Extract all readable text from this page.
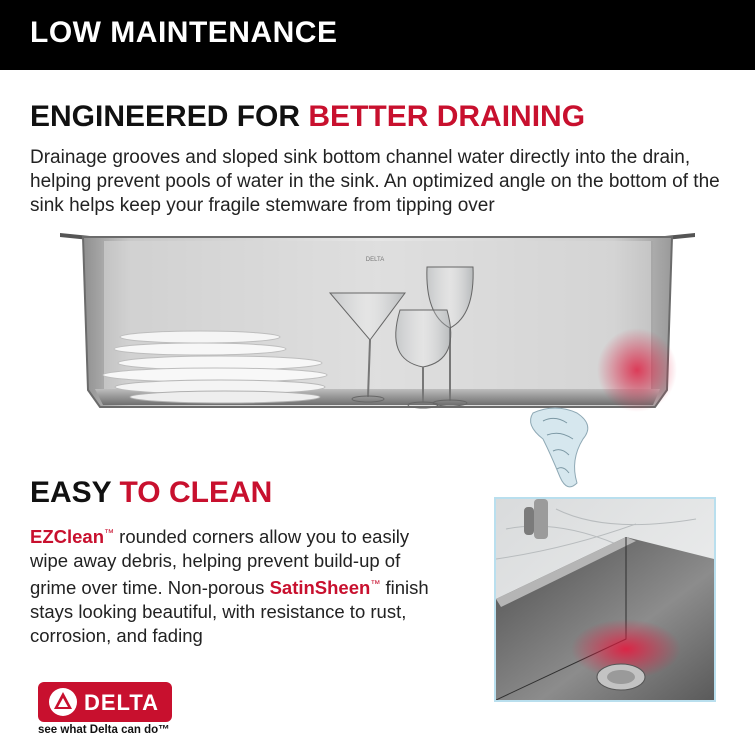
LOW MAINTENANCE
ENGINEERED FOR BETTER DRAINING
Drainage grooves and sloped sink bottom channel water directly into the drain, helping prevent pools of water in the sink. An optimized angle on the bottom of the sink helps keep your fragile stemware from tipping over
DELTA
EASY TO CLEAN
EZClean™ rounded corners allow you to easily wipe away debris, helping prevent build-up of grime over time. Non-porous SatinSheen™ finish stays looking beautiful, with resistance to rust, corrosion, and fading
DELTA
see what Delta can do™
